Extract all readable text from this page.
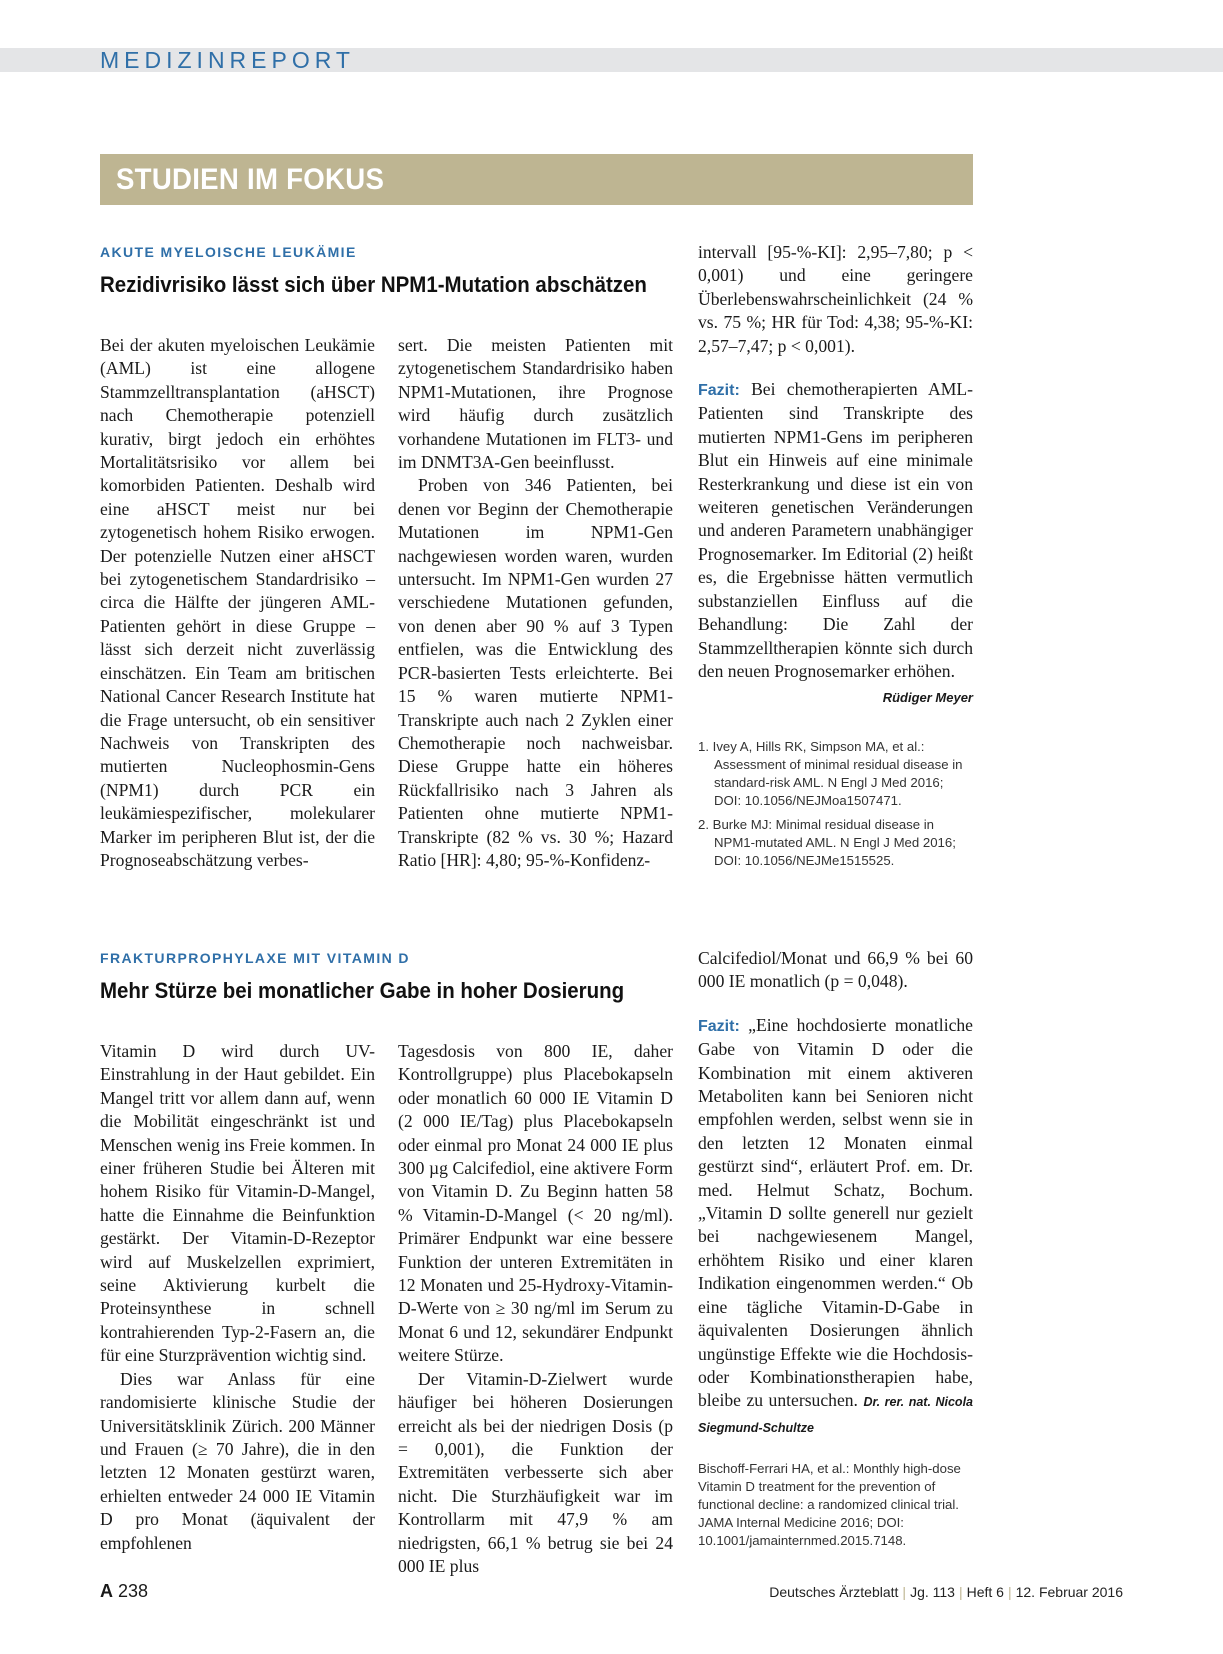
MEDIZINREPORT
STUDIEN IM FOKUS
AKUTE MYELOISCHE LEUKÄMIE
Rezidivrisiko lässt sich über NPM1-Mutation abschätzen

Bei der akuten myeloischen Leukämie (AML) ist eine allogene Stammzelltransplantation (aHSCT) nach Chemotherapie potenziell kurativ, birgt jedoch ein erhöhtes Mortalitätsrisiko vor allem bei komorbiden Patienten. Deshalb wird eine aHSCT meist nur bei zytogenetisch hohem Risiko erwogen. Der potenzielle Nutzen einer aHSCT bei zytogenetischem Standardrisiko – circa die Hälfte der jüngeren AML-Patienten gehört in diese Gruppe – lässt sich derzeit nicht zuverlässig einschätzen. Ein Team am britischen National Cancer Research Institute hat die Frage untersucht, ob ein sensitiver Nachweis von Transkripten des mutierten Nucleophosmin-Gens (NPM1) durch PCR ein leukämiespezifischer, molekularer Marker im peripheren Blut ist, der die Prognoseabschätzung verbes-

sert. Die meisten Patienten mit zytogenetischem Standardrisiko haben NPM1-Mutationen, ihre Prognose wird häufig durch zusätzlich vorhandene Mutationen im FLT3- und im DNMT3A-Gen beeinflusst.

Proben von 346 Patienten, bei denen vor Beginn der Chemotherapie Mutationen im NPM1-Gen nachgewiesen worden waren, wurden untersucht. Im NPM1-Gen wurden 27 verschiedene Mutationen gefunden, von denen aber 90 % auf 3 Typen entfielen, was die Entwicklung des PCR-basierten Tests erleichterte. Bei 15 % waren mutierte NPM1-Transkripte auch nach 2 Zyklen einer Chemotherapie noch nachweisbar. Diese Gruppe hatte ein höheres Rückfallrisiko nach 3 Jahren als Patienten ohne mutierte NPM1-Transkripte (82 % vs. 30 %; Hazard Ratio [HR]: 4,80; 95-%-Konfidenz-

intervall [95-%-KI]: 2,95–7,80; p < 0,001) und eine geringere Überlebenswahrscheinlichkeit (24 % vs. 75 %; HR für Tod: 4,38; 95-%-KI: 2,57–7,47; p < 0,001).

Fazit: Bei chemotherapierten AML-Patienten sind Transkripte des mutierten NPM1-Gens im peripheren Blut ein Hinweis auf eine minimale Resterkrankung und diese ist ein von weiteren genetischen Veränderungen und anderen Parametern unabhängiger Prognosemarker. Im Editorial (2) heißt es, die Ergebnisse hätten vermutlich substanziellen Einfluss auf die Behandlung: Die Zahl der Stammzelltherapien könnte sich durch den neuen Prognosemarker erhöhen.
Rüdiger Meyer

1. Ivey A, Hills RK, Simpson MA, et al.: Assessment of minimal residual disease in standard-risk AML. N Engl J Med 2016; DOI: 10.1056/NEJMoa1507471.
2. Burke MJ: Minimal residual disease in NPM1-mutated AML. N Engl J Med 2016; DOI: 10.1056/NEJMe1515525.
FRAKTURPROPHYLAXE MIT VITAMIN D
Mehr Stürze bei monatlicher Gabe in hoher Dosierung

Vitamin D wird durch UV-Einstrahlung in der Haut gebildet. Ein Mangel tritt vor allem dann auf, wenn die Mobilität eingeschränkt ist und Menschen wenig ins Freie kommen. In einer früheren Studie bei Älteren mit hohem Risiko für Vitamin-D-Mangel, hatte die Einnahme die Beinfunktion gestärkt. Der Vitamin-D-Rezeptor wird auf Muskelzellen exprimiert, seine Aktivierung kurbelt die Proteinsynthese in schnell kontrahierenden Typ-2-Fasern an, die für eine Sturzprävention wichtig sind.

Dies war Anlass für eine randomisierte klinische Studie der Universitätsklinik Zürich. 200 Männer und Frauen (≥ 70 Jahre), die in den letzten 12 Monaten gestürzt waren, erhielten entweder 24 000 IE Vitamin D pro Monat (äquivalent der empfohlenen

Tagesdosis von 800 IE, daher Kontrollgruppe) plus Placebokapseln oder monatlich 60 000 IE Vitamin D (2 000 IE/Tag) plus Placebokapseln oder einmal pro Monat 24 000 IE plus 300 µg Calcifediol, eine aktivere Form von Vitamin D. Zu Beginn hatten 58 % Vitamin-D-Mangel (< 20 ng/ml). Primärer Endpunkt war eine bessere Funktion der unteren Extremitäten in 12 Monaten und 25-Hydroxy-Vitamin-D-Werte von ≥ 30 ng/ml im Serum zu Monat 6 und 12, sekundärer Endpunkt weitere Stürze.

Der Vitamin-D-Zielwert wurde häufiger bei höheren Dosierungen erreicht als bei der niedrigen Dosis (p = 0,001), die Funktion der Extremitäten verbesserte sich aber nicht. Die Sturzhäufigkeit war im Kontrollarm mit 47,9 % am niedrigsten, 66,1 % betrug sie bei 24 000 IE plus

Calcifediol/Monat und 66,9 % bei 60 000 IE monatlich (p = 0,048).

Fazit: „Eine hochdosierte monatliche Gabe von Vitamin D oder die Kombination mit einem aktiveren Metaboliten kann bei Senioren nicht empfohlen werden, selbst wenn sie in den letzten 12 Monaten einmal gestürzt sind“, erläutert Prof. em. Dr. med. Helmut Schatz, Bochum. „Vitamin D sollte generell nur gezielt bei nachgewiesenem Mangel, erhöhtem Risiko und einer klaren Indikation eingenommen werden.“ Ob eine tägliche Vitamin-D-Gabe in äquivalenten Dosierungen ähnlich ungünstige Effekte wie die Hochdosis- oder Kombinationstherapien habe, bleibe zu untersuchen. Dr. rer. nat. Nicola Siegmund-Schultze

Bischoff-Ferrari HA, et al.: Monthly high-dose Vitamin D treatment for the prevention of functional decline: a randomized clinical trial. JAMA Internal Medicine 2016; DOI: 10.1001/jamainternmed.2015.7148.
A 238	Deutsches Ärzteblatt | Jg. 113 | Heft 6 | 12. Februar 2016
